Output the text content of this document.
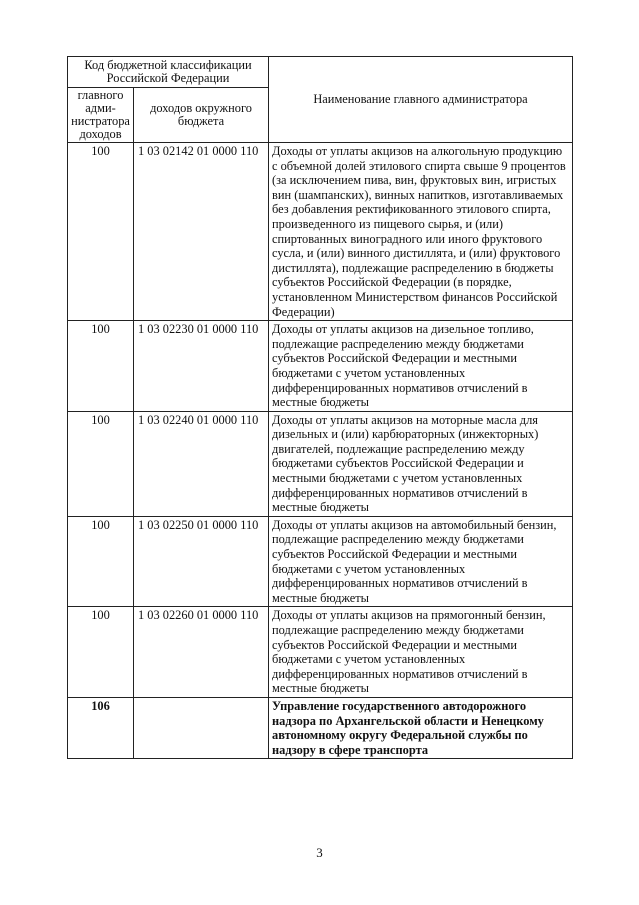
Код бюджетной классификации Российской Федерации		Наименование главного администратора
главного адми-нистратора доходов	доходов окружного бюджета	
100	1 03 02142 01 0000 110	Доходы от уплаты акцизов на алкогольную продукцию с объемной долей этилового спирта свыше 9 процентов (за исключением пива, вин, фруктовых вин, игристых вин (шампанских), винных напитков, изготавливаемых без добавления ректификованного этилового спирта, произведенного из пищевого сырья, и (или) спиртованных виноградного или иного фруктового сусла, и (или) винного дистиллята, и (или) фруктового дистиллята), подлежащие распределению в бюджеты субъектов Российской Федерации (в порядке, установленном Министерством финансов Российской Федерации)
100	1 03 02230 01 0000 110	Доходы от уплаты акцизов на дизельное топливо, подлежащие распределению между бюджетами субъектов Российской Федерации и местными бюджетами с учетом установленных дифференцированных нормативов отчислений в местные бюджеты
100	1 03 02240 01 0000 110	Доходы от уплаты акцизов на моторные масла для дизельных и (или) карбюраторных (инжекторных) двигателей, подлежащие распределению между бюджетами субъектов Российской Федерации и местными бюджетами с учетом установленных дифференцированных нормативов отчислений в местные бюджеты
100	1 03 02250 01 0000 110	Доходы от уплаты акцизов на автомобильный бензин, подлежащие распределению между бюджетами субъектов Российской Федерации и местными бюджетами с учетом установленных дифференцированных нормативов отчислений в местные бюджеты
100	1 03 02260 01 0000 110	Доходы от уплаты акцизов на прямогонный бензин, подлежащие распределению между бюджетами субъектов Российской Федерации и местными бюджетами с учетом установленных дифференцированных нормативов отчислений в местные бюджеты
106		Управление государственного автодорожного надзора по Архангельской области и Ненецкому автономному округу Федеральной службы по надзору в сфере транспорта
3
